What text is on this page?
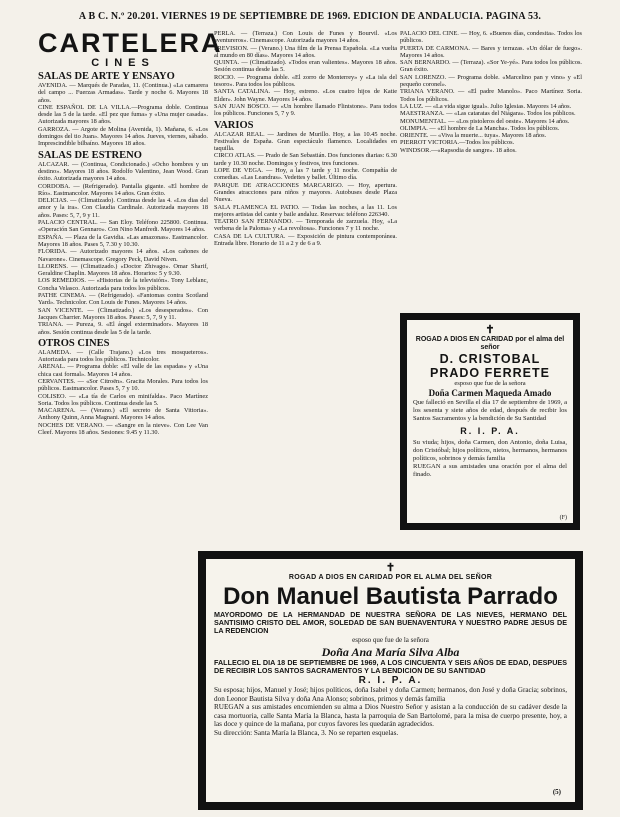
A B C. N.º 20.201. VIERNES 19 DE SEPTIEMBRE DE 1969. EDICION DE ANDALUCIA. PAGINA 53.
CARTELERA
CINES
SALAS DE ARTE Y ENSAYO

AVENIDA. — Marqués de Paradas, 11. (Continua.) «La camarera del campo ... Fuerzas Armadas». Tarde y noche 6. Mayores 18 años.

CINE ESPAÑOL DE LA VILLA.—Programa doble. Continua desde las 5 de la tarde. «El pez que fuma» y «Una mujer casada». Autorizada mayores 18 años.

GARROZA. — Argote de Molina (Avenida, 1). Mañana, 6. «Los domingos del tio Juan». Mayores 14 años. Jueves, viernes, sábado. Imprescindible bilbaíno. Mayores 18 años.

SALAS DE ESTRENO

ALCAZAR. — (Continua, Condicionado.) «Ocho hombres y un destino». Mayores 18 años. Rodolfo Valentino, Jean Wood. Gran éxito. Autorizada mayores 14 años.

CORDOBA. — (Refrigerado). Pantalla gigante. «El hombre de Río». Eastmancolor. Mayores 14 años. Gran éxito.

DELICIAS. — (Climatizado). Continua desde las 4. «Los dias del amor y la ira». Con Claudia Cardinale. Autorizada mayores 18 años. Pases: 5, 7, 9 y 11.

PALACIO CENTRAL. — San Eloy. Teléfono 225800. Continua. «Operación San Gennaro». Con Nino Manfredi. Mayores 14 años.

ESPAÑA. — Plaza de la Gavidia. «Las amazonas». Eastmancolor. Mayores 18 años. Pases 5, 7.30 y 10.30.

FLORIDA. — Autorizado mayores 14 años. «Los cañones de Navarone». Cinemascope. Gregory Peck, David Niven.

LLORENS. — (Climatizado.) «Doctor Zhivago». Omar Sharif, Geraldine Chaplin. Mayores 18 años. Horarios: 5 y 9.30.

LOS REMEDIOS. — «Historias de la televisión». Tony Leblanc, Concha Velasco. Autorizada para todos los públicos.

PATHE CINEMA. — (Refrigerado). «Fantomas contra Scotland Yard». Technicolor. Con Louis de Funes. Mayores 14 años.

SAN VICENTE. — (Climatizado.) «Los desesperados». Con Jacques Charrier. Mayores 18 años. Pases: 5, 7, 9 y 11.

TRIANA. — Pureza, 9. «El ángel exterminador». Mayores 18 años. Sesión continua desde las 5 de la tarde.

OTROS CINES

ALAMEDA. — (Calle Trajano.) «Los tres mosqueteros». Autorizada para todos los públicos. Technicolor.

ARENAL. — Programa doble: «El valle de las espadas» y «Una chica casi formal». Mayores 14 años.

CERVANTES. — «Sor Citroën». Gracita Morales. Para todos los públicos. Eastmancolor. Pases 5, 7 y 10.

COLISEO. — «La tía de Carlos en minifalda». Paco Martínez Soria. Todos los públicos. Continua desde las 5.

MACARENA. — (Verano.) «El secreto de Santa Vittoria». Anthony Quinn, Anna Magnani. Mayores 14 años.

NOCHES DE VERANO. — «Sangre en la nieve». Con Lee Van Cleef. Mayores 18 años. Sesiones: 9.45 y 11.30.

PERLA. — (Terraza.) Con Louis de Funes y Bourvil. «Los aventureros». Cinemascope. Autorizada mayores 14 años.

PREVISION. — (Verano.) Una film de la Prensa Española. «La vuelta al mundo en 80 días». Mayores 14 años.

QUINTA. — (Climatizado). «Todos eran valientes». Mayores 18 años. Sesión continua desde las 5.

ROCIO. — Programa doble. «El zorro de Monterrey» y «La isla del tesoro». Para todos los públicos.

SANTA CATALINA. — Hoy, estreno. «Los cuatro hijos de Katie Elder». John Wayne. Mayores 14 años.

SAN JUAN BOSCO. — «Un hombre llamado Flintstone». Para todos los públicos. Funciones 5, 7 y 9.

VARIOS

ALCAZAR REAL. — Jardines de Murillo. Hoy, a las 10.45 noche. Festivales de España. Gran espectáculo flamenco. Localidades en taquilla.

CIRCO ATLAS. — Prado de San Sebastián. Dos funciones diarias: 6.30 tarde y 10.30 noche. Domingos y festivos, tres funciones.

LOPE DE VEGA. — Hoy, a las 7 tarde y 11 noche. Compañía de comedias. «Las Leandras». Vedettes y ballet. Último día.

PARQUE DE ATRACCIONES MARCARIGO. — Hoy, apertura. Grandes atracciones para niños y mayores. Autobuses desde Plaza Nueva.

SALA FLAMENCA EL PATIO. — Todas las noches, a las 11. Los mejores artistas del cante y baile andaluz. Reservas: teléfono 226340.

TEATRO SAN FERNANDO. — Temporada de zarzuela. Hoy, «La verbena de la Paloma» y «La revoltosa». Funciones 7 y 11 noche.

CASA DE LA CULTURA. — Exposición de pintura contemporánea. Entrada libre. Horario de 11 a 2 y de 6 a 9.

PALACIO DEL CINE. — Hoy, 6. «Buenos días, condesita». Todos los públicos.

PUERTA DE CARMONA. — Bares y terrazas. «Un dólar de fuego». Mayores 14 años.

SAN BERNARDO. — (Terraza). «Sor Ye-yé». Para todos los públicos. Gran éxito.

SAN LORENZO. — Programa doble. «Marcelino pan y vino» y «El pequeño coronel».

TRIANA VERANO. — «El padre Manolo». Paco Martínez Soria. Todos los públicos.

LA LUZ. — «La vida sigue igual». Julio Iglesias. Mayores 14 años.

MAESTRANZA. — «Las cataratas del Niágara». Todos los públicos.

MONUMENTAL. — «Los pistoleros del oeste». Mayores 14 años.

OLIMPIA. — «El hombre de La Mancha». Todos los públicos.

ORIENTE. — «Viva la muerte... tuya». Mayores 18 años.

PIERROT VICTORIA.—Todos los públicos.

WINDSOR.—«Rapsodia de sangre». 18 años.

✝
ROGAD A DIOS EN CARIDAD por el alma del señor
D. CRISTOBAL PRADO FERRETE
esposo que fue de la señora
Doña Carmen Maqueda Amado

Que falleció en Sevilla el día 17 de septiembre de 1969, a los sesenta y siete años de edad, después de recibir los Santos Sacramentos y la bendición de Su Santidad

R. I. P. A.

Su viuda; hijos, doña Carmen, don Antonio, doña Luisa, don Cristóbal; hijos políticos, nietos, hermanos, hermanos políticos, sobrinos y demás familia

RUEGAN a sus amistades una oración por el alma del finado.

(F)
✝
ROGAD A DIOS EN CARIDAD POR EL ALMA DEL SEÑOR
Don Manuel Bautista Parrado

MAYORDOMO DE LA HERMANDAD DE NUESTRA SEÑORA DE LAS NIEVES, HERMANO DEL SANTISIMO CRISTO DEL AMOR, SOLEDAD DE SAN BUENAVENTURA Y NUESTRO PADRE JESUS DE LA REDENCION

esposo que fue de la señora
Doña Ana María Silva Alba

FALLECIO EL DIA 18 DE SEPTIEMBRE DE 1969, A LOS CINCUENTA Y SEIS AÑOS DE EDAD, DESPUES DE RECIBIR LOS SANTOS SACRAMENTOS Y LA BENDICION DE SU SANTIDAD

R. I. P. A.

Su esposa; hijos, Manuel y José; hijos políticos, doña Isabel y doña Carmen; hermanos, don José y doña Gracia; sobrinos, don Leonor Bautista Silva y doña Ana Alonso; sobrinos, primos y demás familia

RUEGAN a sus amistades encomienden su alma a Dios Nuestro Señor y asistan a la conducción de su cadáver desde la casa mortuoria, calle Santa María la Blanca, hasta la parroquia de San Bartolomé, para la misa de cuerpo presente, hoy, a las doce y quince de la mañana, por cuyos favores les quedarán agradecidos.

Su dirección: Santa María la Blanca, 3. No se reparten esquelas.

(5)
